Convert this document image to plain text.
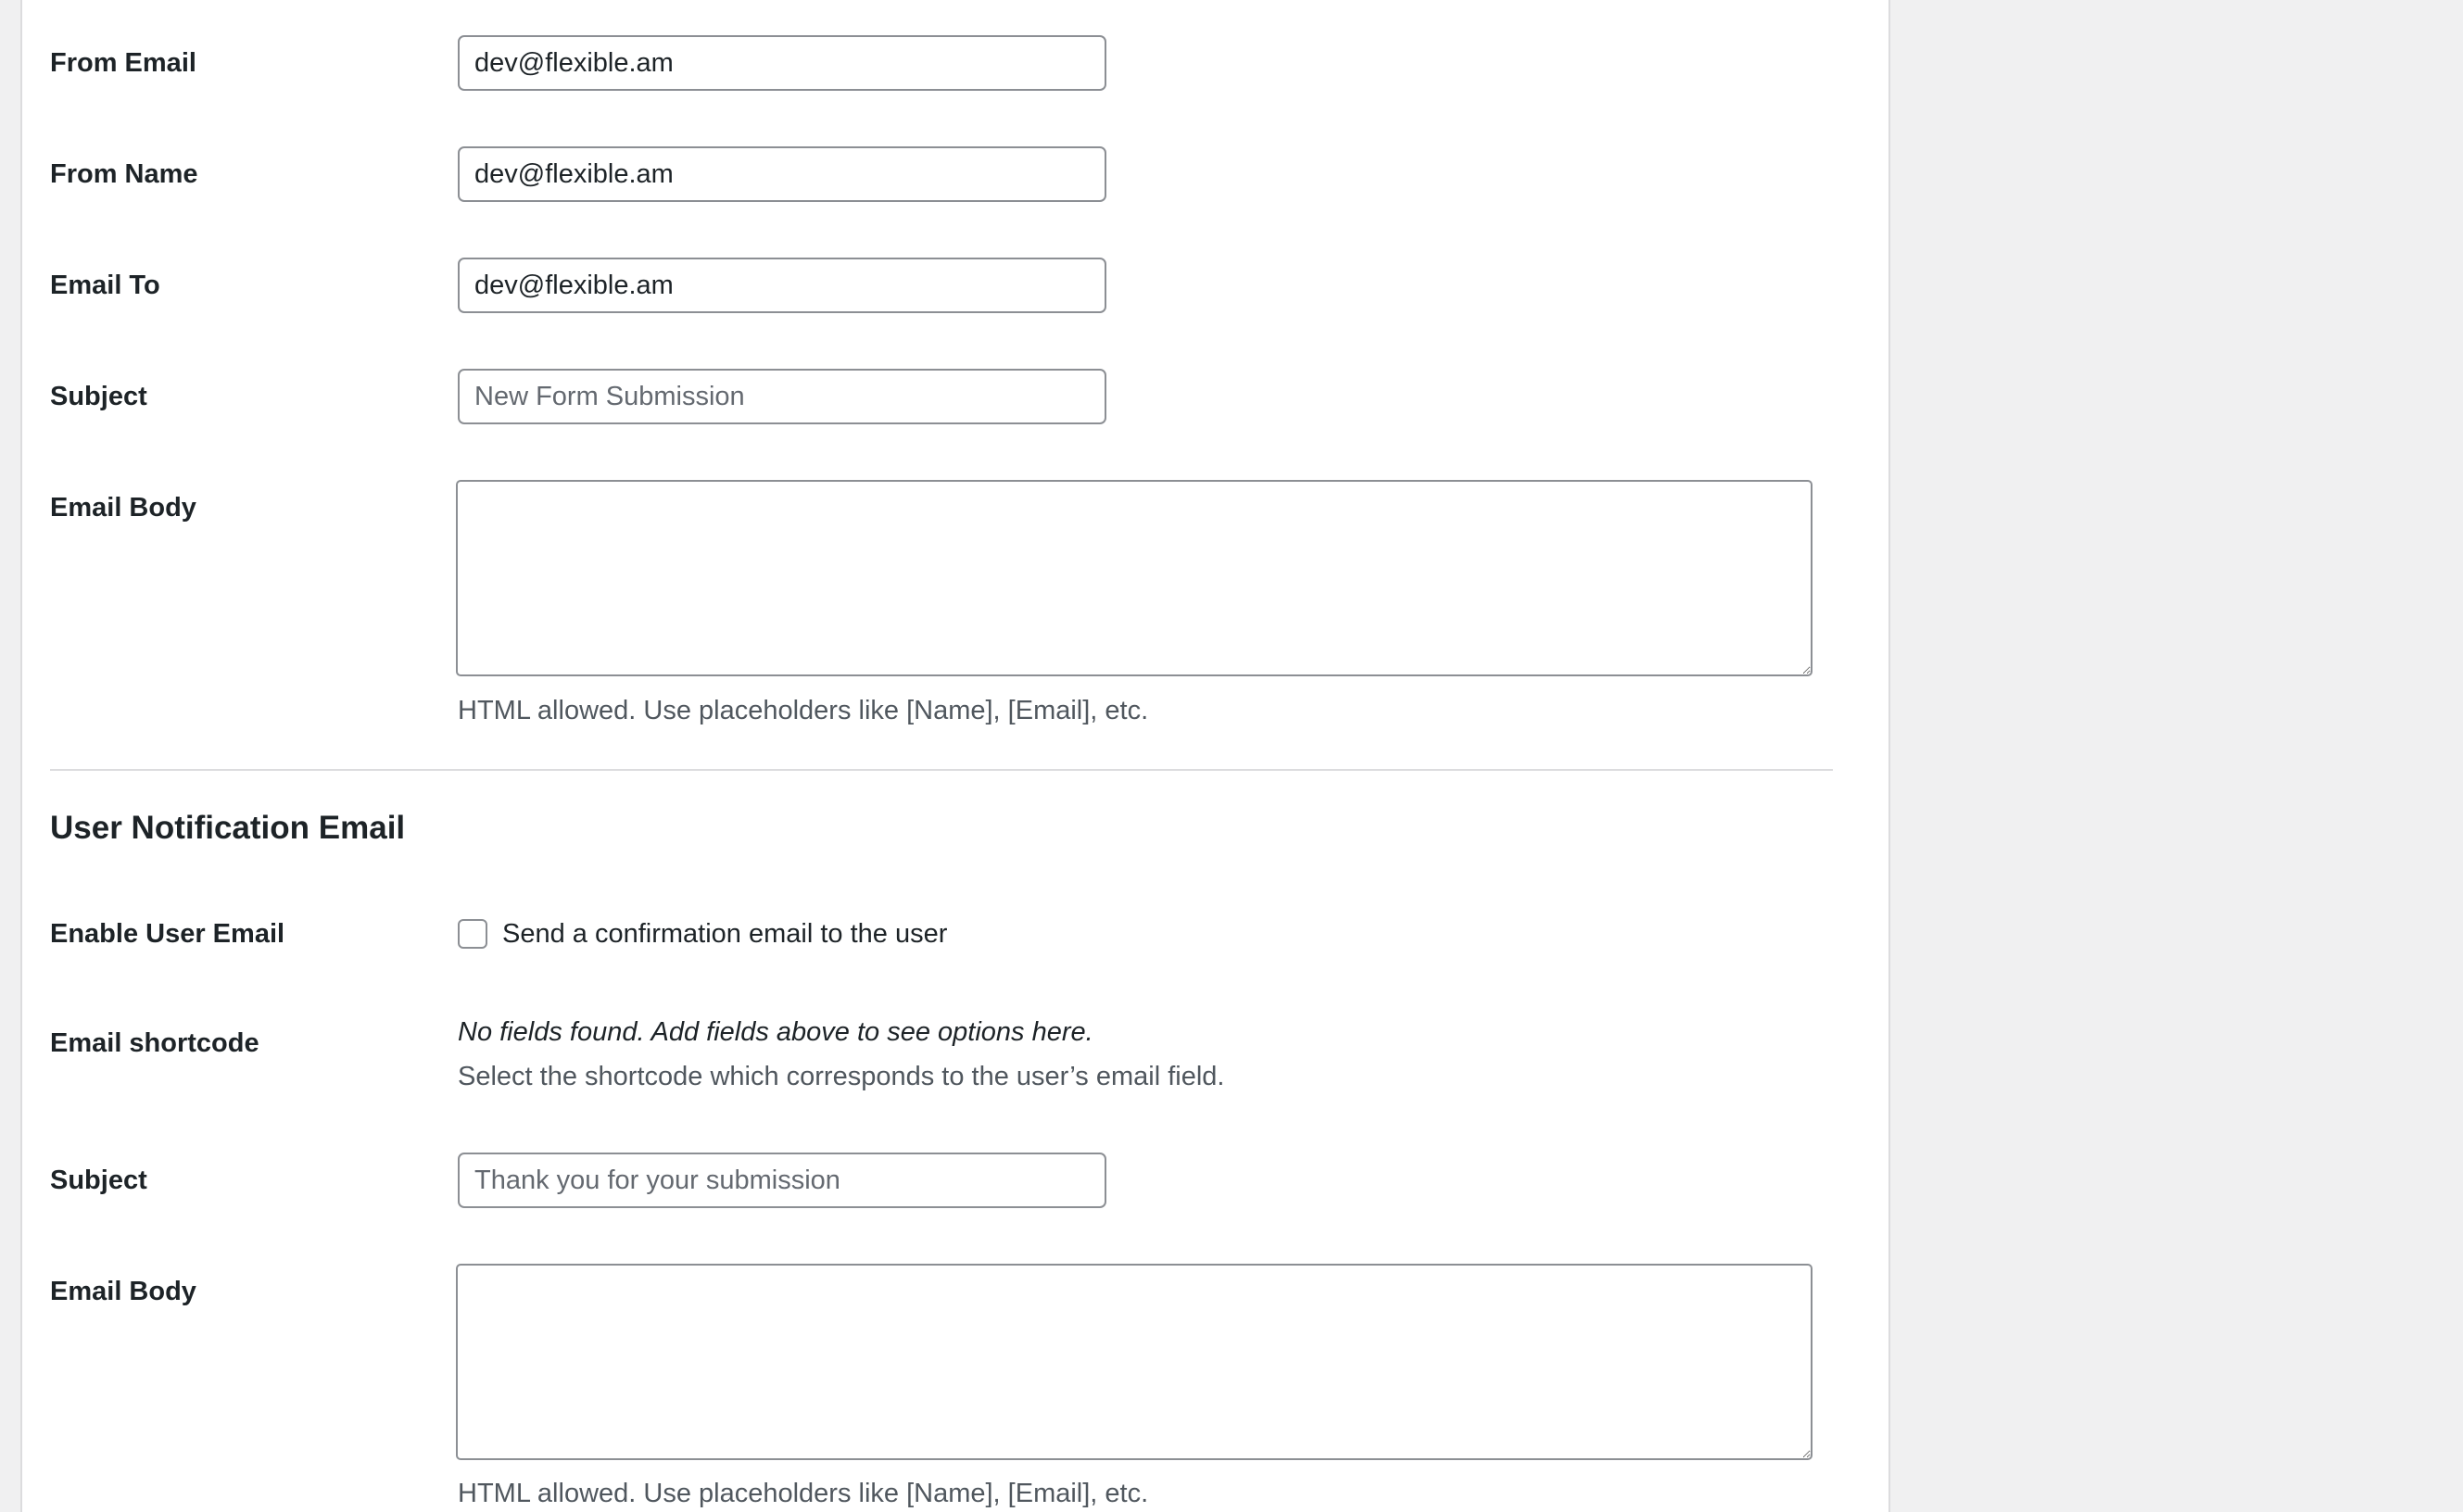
From Email
dev@flexible.am
From Name
dev@flexible.am
Email To
dev@flexible.am
Subject
New Form Submission
Email Body
HTML allowed. Use placeholders like [Name], [Email], etc.
User Notification Email
Enable User Email	Send a confirmation email to the user
Email shortcode	No fields found. Add fields above to see options here.
Select the shortcode which corresponds to the user’s email field.
Subject
Thank you for your submission
Email Body
HTML allowed. Use placeholders like [Name], [Email], etc.
